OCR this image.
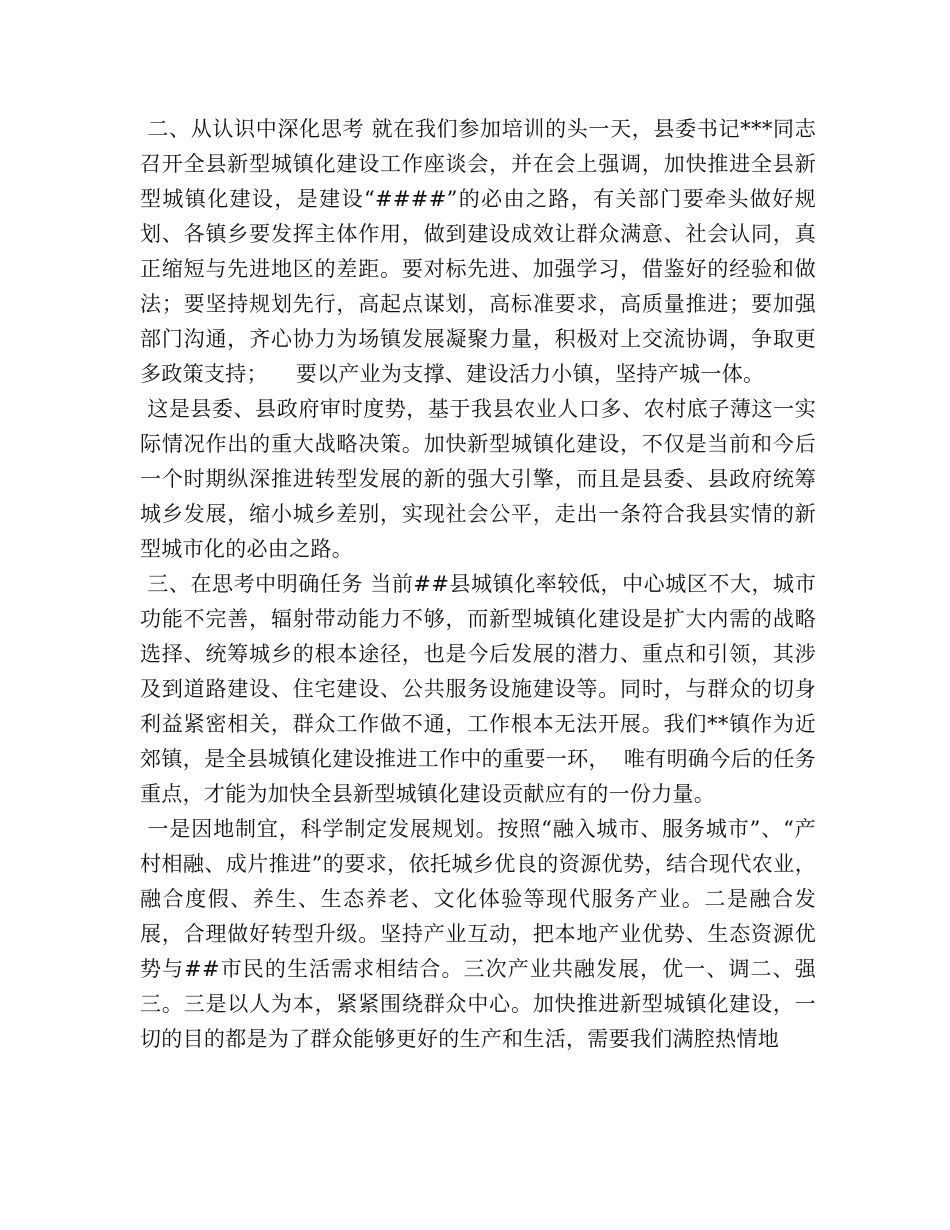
二、从认识中深化思考 就在我们参加培训的头一天，县委书记***同志召开全县新型城镇化建设工作座谈会，并在会上强调，加快推进全县新型城镇化建设，是建设“####”的必由之路，有关部门要牵头做好规划、各镇乡要发挥主体作用，做到建设成效让群众满意、社会认同，真正缩短与先进地区的差距。要对标先进、加强学习，借鉴好的经验和做法；要坚持规划先行，高起点谋划，高标准要求，高质量推进；要加强部门沟通，齐心协力为场镇发展凝聚力量，积极对上交流协调，争取更多政策支持；    要以产业为支撑、建设活力小镇，坚持产城一体。

这是县委、县政府审时度势，基于我县农业人口多、农村底子薄这一实际情况作出的重大战略决策。加快新型城镇化建设，不仅是当前和今后一个时期纵深推进转型发展的新的强大引擎，而且是县委、县政府统筹城乡发展，缩小城乡差别，实现社会公平，走出一条符合我县实情的新型城市化的必由之路。

三、在思考中明确任务 当前##县城镇化率较低，中心城区不大，城市功能不完善，辐射带动能力不够，而新型城镇化建设是扩大内需的战略选择、统筹城乡的根本途径，也是今后发展的潜力、重点和引领，其涉及到道路建设、住宅建设、公共服务设施建设等。同时，与群众的切身利益紧密相关，群众工作做不通，工作根本无法开展。我们**镇作为近郊镇，是全县城镇化建设推进工作中的重要一环，  唯有明确今后的任务重点，才能为加快全县新型城镇化建设贡献应有的一份力量。

一是因地制宜，科学制定发展规划。按照“融入城市、服务城市”、“产村相融、成片推进”的要求，依托城乡优良的资源优势，结合现代农业，融合度假、养生、生态养老、文化体验等现代服务产业。二是融合发展，合理做好转型升级。坚持产业互动，把本地产业优势、生态资源优势与##市民的生活需求相结合。三次产业共融发展，优一、调二、强三。三是以人为本，紧紧围绕群众中心。加快推进新型城镇化建设，一切的目的都是为了群众能够更好的生产和生活，需要我们满腔热情地
